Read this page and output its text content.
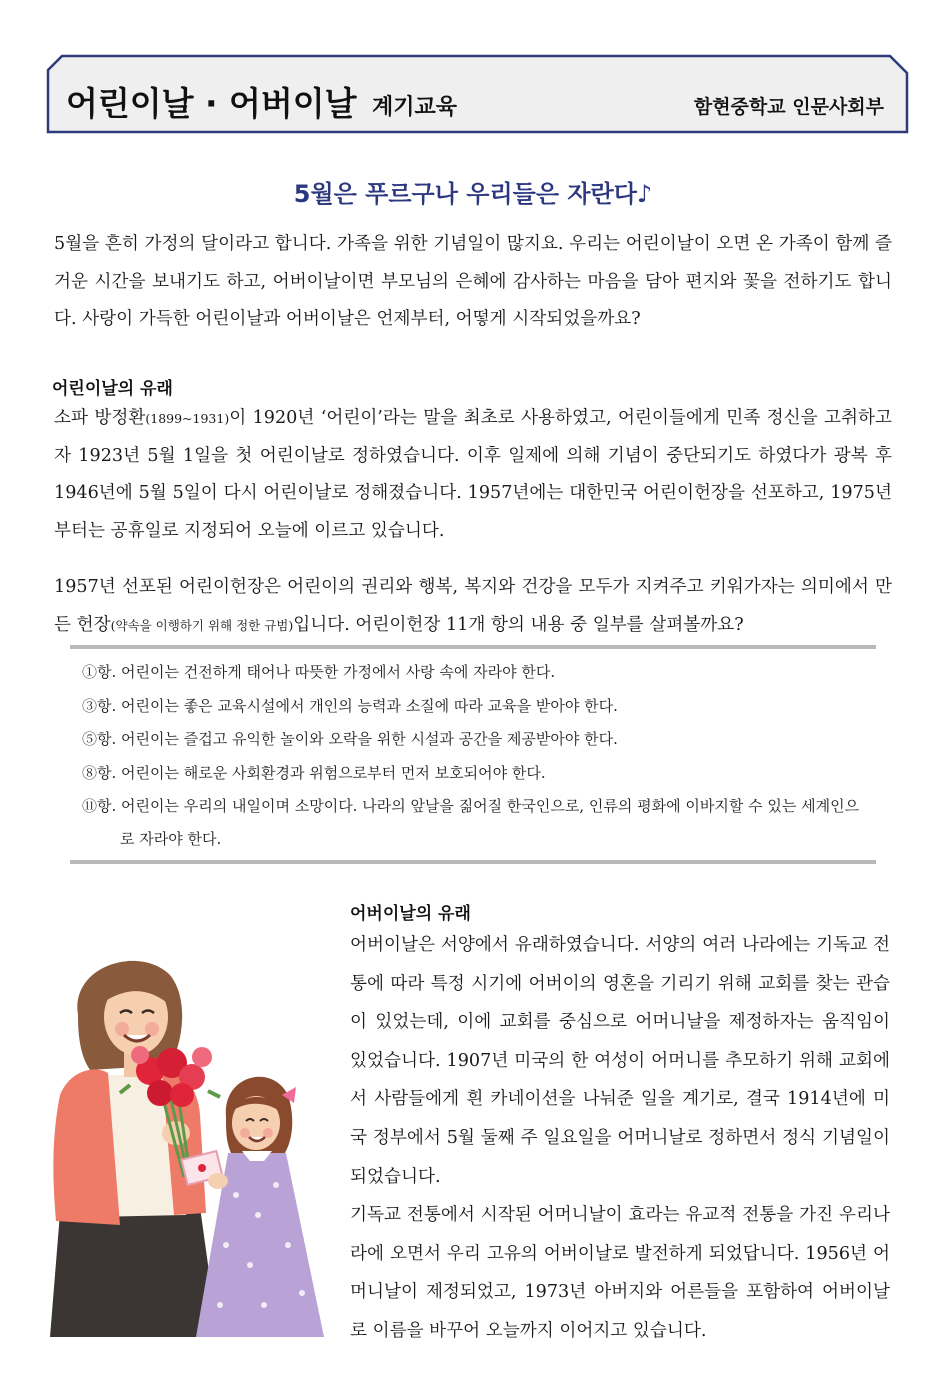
어린이날 · 어버이날 계기교육	함현중학교 인문사회부
5월은 푸르구나 우리들은 자란다♪
5월을 흔히 가정의 달이라고 합니다. 가족을 위한 기념일이 많지요. 우리는 어린이날이 오면 온 가족이 함께 즐거운 시간을 보내기도 하고, 어버이날이면 부모님의 은혜에 감사하는 마음을 담아 편지와 꽃을 전하기도 합니다. 사랑이 가득한 어린이날과 어버이날은 언제부터, 어떻게 시작되었을까요?
어린이날의 유래
소파 방정환(1899~1931)이 1920년 ‘어린이’라는 말을 최초로 사용하였고, 어린이들에게 민족 정신을 고취하고자 1923년 5월 1일을 첫 어린이날로 정하였습니다. 이후 일제에 의해 기념이 중단되기도 하였다가 광복 후 1946년에 5월 5일이 다시 어린이날로 정해졌습니다. 1957년에는 대한민국 어린이헌장을 선포하고, 1975년부터는 공휴일로 지정되어 오늘에 이르고 있습니다.
1957년 선포된 어린이헌장은 어린이의 권리와 행복, 복지와 건강을 모두가 지켜주고 키워가자는 의미에서 만든 헌장(약속을 이행하기 위해 정한 규범)입니다. 어린이헌장 11개 항의 내용 중 일부를 살펴볼까요?
①항. 어린이는 건전하게 태어나 따뜻한 가정에서 사랑 속에 자라야 한다.
③항. 어린이는 좋은 교육시설에서 개인의 능력과 소질에 따라 교육을 받아야 한다.
⑤항. 어린이는 즐겁고 유익한 놀이와 오락을 위한 시설과 공간을 제공받아야 한다.
⑧항. 어린이는 해로운 사회환경과 위험으로부터 먼저 보호되어야 한다.
⑪항. 어린이는 우리의 내일이며 소망이다. 나라의 앞날을 짊어질 한국인으로, 인류의 평화에 이바지할 수 있는 세계인으로 자라야 한다.
어버이날의 유래
어버이날은 서양에서 유래하였습니다. 서양의 여러 나라에는 기독교 전통에 따라 특정 시기에 어버이의 영혼을 기리기 위해 교회를 찾는 관습이 있었는데, 이에 교회를 중심으로 어머니날을 제정하자는 움직임이 있었습니다. 1907년 미국의 한 여성이 어머니를 추모하기 위해 교회에서 사람들에게 흰 카네이션을 나눠준 일을 계기로, 결국 1914년에 미국 정부에서 5월 둘째 주 일요일을 어머니날로 정하면서 정식 기념일이 되었습니다.
기독교 전통에서 시작된 어머니날이 효라는 유교적 전통을 가진 우리나라에 오면서 우리 고유의 어버이날로 발전하게 되었답니다. 1956년 어머니날이 제정되었고, 1973년 아버지와 어른들을 포함하여 어버이날로 이름을 바꾸어 오늘까지 이어지고 있습니다.
